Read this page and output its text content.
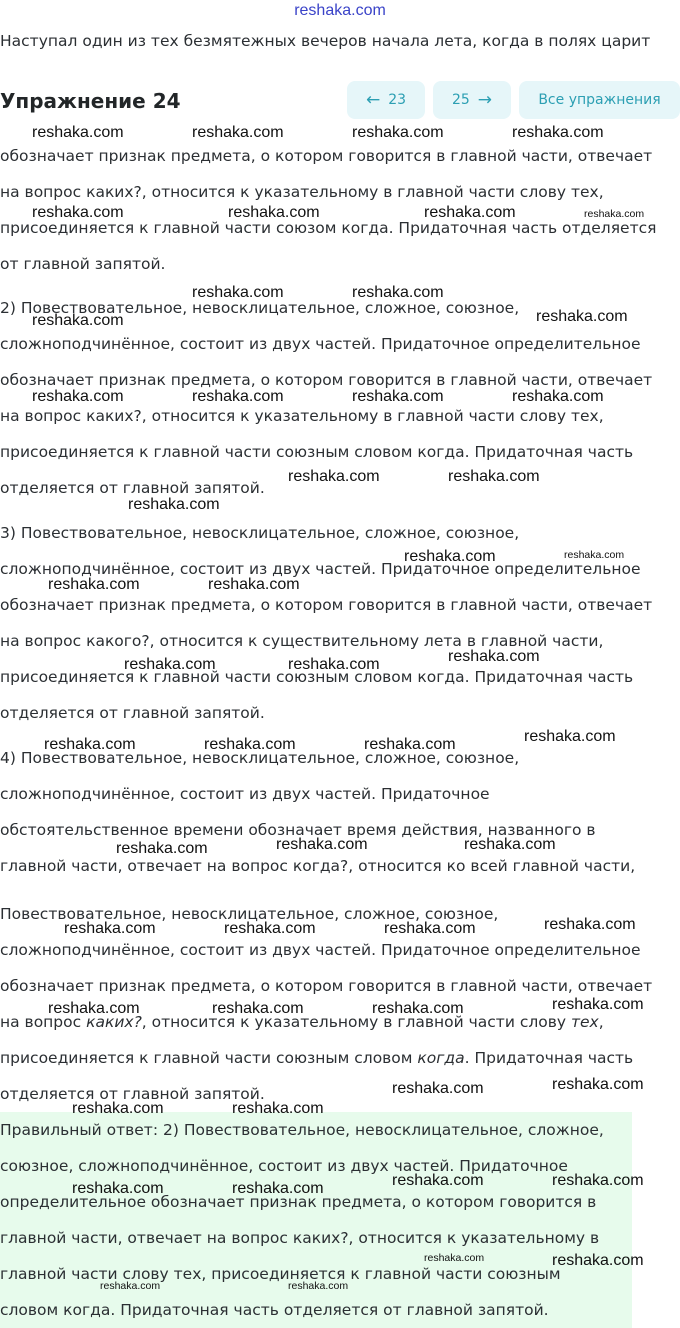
reshaka.com
Наступал один из тех безмятежных вечеров начала лета, когда в полях царит
Упражнение 24	← 23	25 →	Все упражнения
обозначает признак предмета, о котором говорится в главной части, отвечает
на вопрос каких?, относится к указательному в главной части слову тех,
присоединяется к главной части союзом когда. Придаточная часть отделяется
от главной запятой.
2) Повествовательное, невосклицательное, сложное, союзное,
сложноподчинённое, состоит из двух частей. Придаточное определительное
обозначает признак предмета, о котором говорится в главной части, отвечает
на вопрос каких?, относится к указательному в главной части слову тех,
присоединяется к главной части союзным словом когда. Придаточная часть
отделяется от главной запятой.
3) Повествовательное, невосклицательное, сложное, союзное,
сложноподчинённое, состоит из двух частей. Придаточное определительное
обозначает признак предмета, о котором говорится в главной части, отвечает
на вопрос какого?, относится к существительному лета в главной части,
присоединяется к главной части союзным словом когда. Придаточная часть
отделяется от главной запятой.
4) Повествовательное, невосклицательное, сложное, союзное,
сложноподчинённое, состоит из двух частей. Придаточное
обстоятельственное времени обозначает время действия, названного в
главной части, отвечает на вопрос когда?, относится ко всей главной части,
Повествовательное, невосклицательное, сложное, союзное,
сложноподчинённое, состоит из двух частей. Придаточное определительное
обозначает признак предмета, о котором говорится в главной части, отвечает
на вопрос каких?, относится к указательному в главной части слову тех,
присоединяется к главной части союзным словом когда. Придаточная часть
отделяется от главной запятой.
Правильный ответ: 2) Повествовательное, невосклицательное, сложное,
союзное, сложноподчинённое, состоит из двух частей. Придаточное
определительное обозначает признак предмета, о котором говорится в
главной части, отвечает на вопрос каких?, относится к указательному в
главной части слову тех, присоединяется к главной части союзным
словом когда. Придаточная часть отделяется от главной запятой.
reshaka.com	reshaka.com	reshaka.com	reshaka.com
reshaka.com	reshaka.com	reshaka.com	reshaka.com
reshaka.com	reshaka.com
reshaka.com	reshaka.com
reshaka.com	reshaka.com	reshaka.com	reshaka.com
reshaka.com	reshaka.com
reshaka.com
reshaka.com	reshaka.com
reshaka.com	reshaka.com
reshaka.com
reshaka.com	reshaka.com
reshaka.com
reshaka.com	reshaka.com	reshaka.com
reshaka.com	reshaka.com
reshaka.com
reshaka.com
reshaka.com	reshaka.com	reshaka.com
reshaka.com
reshaka.com	reshaka.com	reshaka.com
reshaka.com
reshaka.com
reshaka.com	reshaka.com
reshaka.com
reshaka.com
reshaka.com	reshaka.com
reshaka.com	reshaka.com
reshaka.com	reshaka.com
